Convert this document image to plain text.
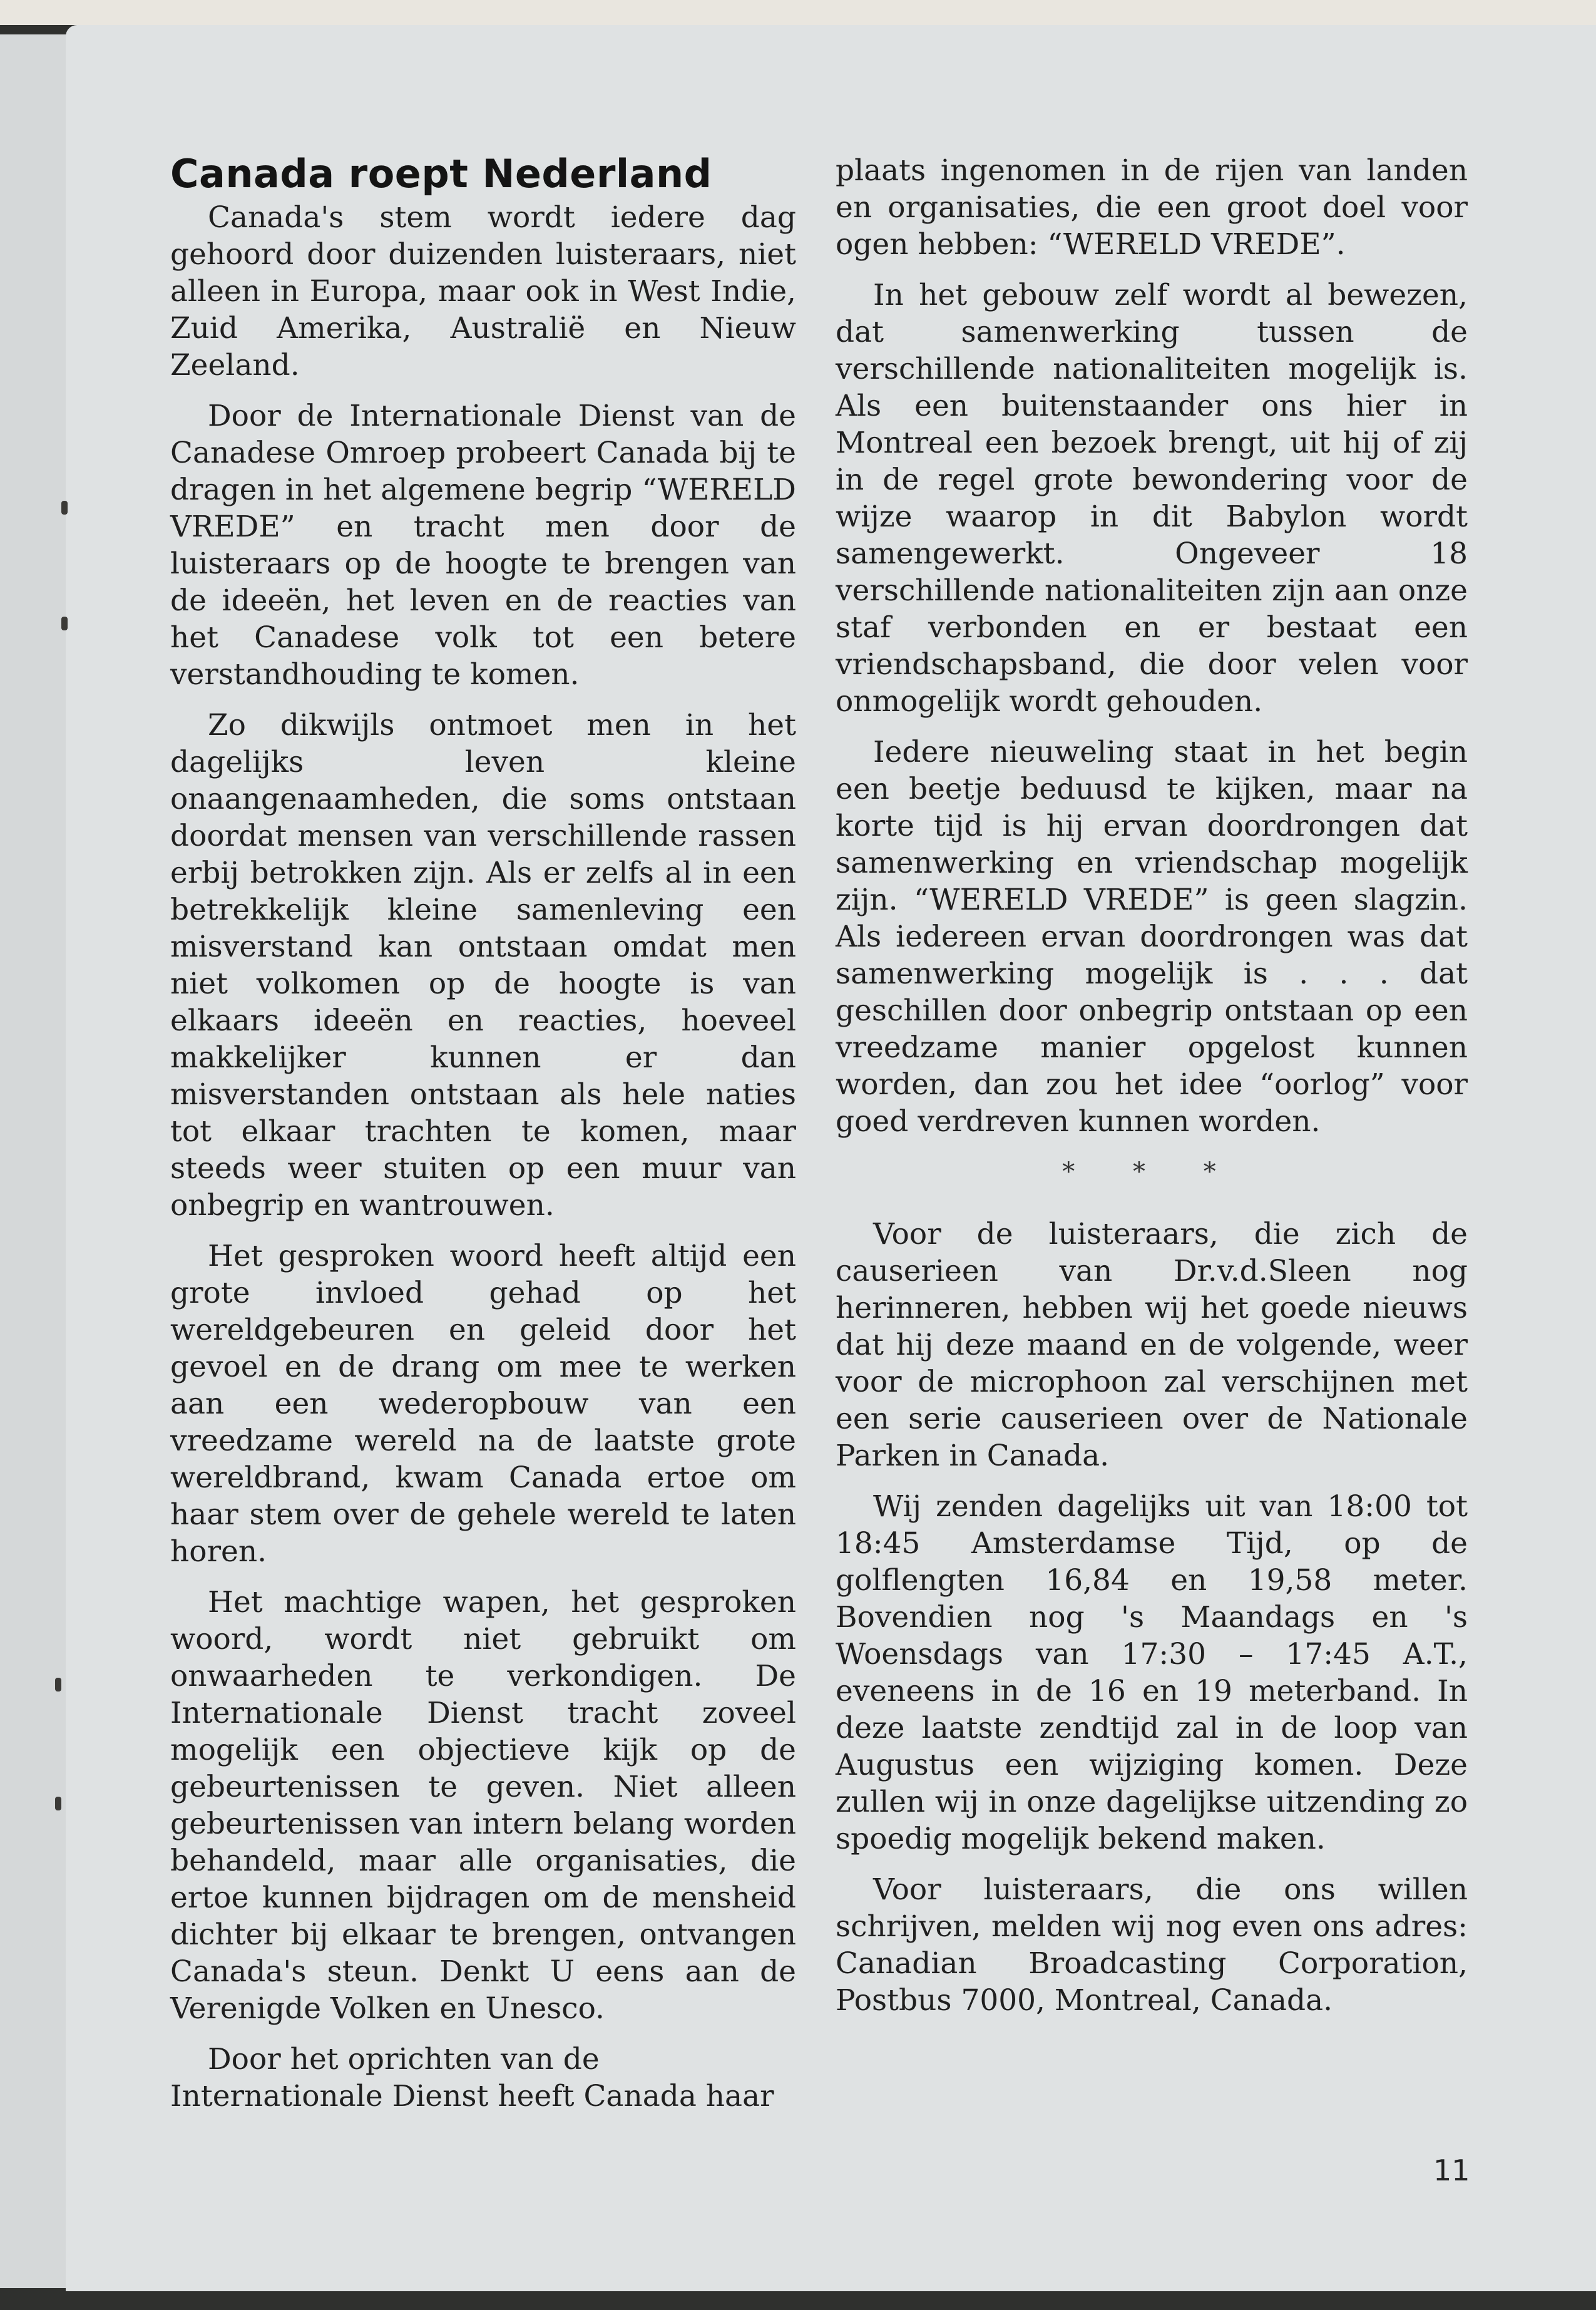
Canada roept Nederland

Canada's stem wordt iedere dag gehoord door duizenden luisteraars, niet alleen in Europa, maar ook in West Indie, Zuid Amerika, Australië en Nieuw Zeeland.

Door de Internationale Dienst van de Canadese Omroep probeert Canada bij te dragen in het algemene begrip “WERELD VREDE” en tracht men door de luisteraars op de hoogte te brengen van de ideeën, het leven en de reacties van het Canadese volk tot een betere verstandhouding te komen.

Zo dikwijls ontmoet men in het dagelijks leven kleine onaangenaamheden, die soms ontstaan doordat mensen van verschillende rassen erbij betrokken zijn. Als er zelfs al in een betrekkelijk kleine samenleving een misverstand kan ontstaan omdat men niet volkomen op de hoogte is van elkaars ideeën en reacties, hoeveel makkelijker kunnen er dan misverstanden ontstaan als hele naties tot elkaar trachten te komen, maar steeds weer stuiten op een muur van onbegrip en wantrouwen.

Het gesproken woord heeft altijd een grote invloed gehad op het wereldgebeuren en geleid door het gevoel en de drang om mee te werken aan een wederopbouw van een vreedzame wereld na de laatste grote wereldbrand, kwam Canada ertoe om haar stem over de gehele wereld te laten horen.

Het machtige wapen, het gesproken woord, wordt niet gebruikt om onwaarheden te verkondigen. De Internationale Dienst tracht zoveel mogelijk een objectieve kijk op de gebeurtenissen te geven. Niet alleen gebeurtenissen van intern belang worden behandeld, maar alle organisaties, die ertoe kunnen bijdragen om de mensheid dichter bij elkaar te brengen, ontvangen Canada's steun. Denkt U eens aan de Verenigde Volken en Unesco.

Door het oprichten van de Internationale Dienst heeft Canada haar

plaats ingenomen in de rijen van landen en organisaties, die een groot doel voor ogen hebben: “WERELD VREDE”.

In het gebouw zelf wordt al bewezen, dat samenwerking tussen de verschillende nationaliteiten mogelijk is. Als een buitenstaander ons hier in Montreal een bezoek brengt, uit hij of zij in de regel grote bewondering voor de wijze waarop in dit Babylon wordt samengewerkt. Ongeveer 18 verschillende nationaliteiten zijn aan onze staf verbonden en er bestaat een vriendschapsband, die door velen voor onmogelijk wordt gehouden.

Iedere nieuweling staat in het begin een beetje beduusd te kijken, maar na korte tijd is hij ervan doordrongen dat samenwerking en vriendschap mogelijk zijn. “WERELD VREDE” is geen slagzin. Als iedereen ervan doordrongen was dat samenwerking mogelijk is . . . dat geschillen door onbegrip ontstaan op een vreedzame manier opgelost kunnen worden, dan zou het idee “oorlog” voor goed verdreven kunnen worden.

* * *

Voor de luisteraars, die zich de causerieen van Dr.v.d.Sleen nog herinneren, hebben wij het goede nieuws dat hij deze maand en de volgende, weer voor de microphoon zal verschijnen met een serie causerieen over de Nationale Parken in Canada.

Wij zenden dagelijks uit van 18:00 tot 18:45 Amsterdamse Tijd, op de golflengten 16,84 en 19,58 meter. Bovendien nog 's Maandags en 's Woensdags van 17:30 – 17:45 A.T., eveneens in de 16 en 19 meterband. In deze laatste zendtijd zal in de loop van Augustus een wijziging komen. Deze zullen wij in onze dagelijkse uitzending zo spoedig mogelijk bekend maken.

Voor luisteraars, die ons willen schrijven, melden wij nog even ons adres: Canadian Broadcasting Corporation, Postbus 7000, Montreal, Canada.

11
